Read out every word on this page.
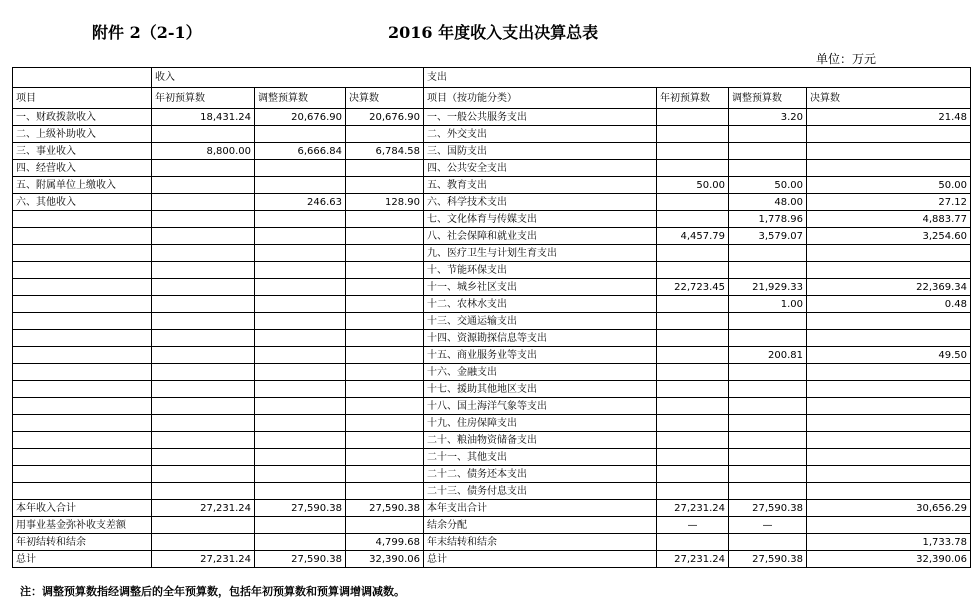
附件 2（2-1）	2016 年度收入支出决算总表
单位：万元
	收入			支出			
项目	年初预算数	调整预算数	决算数	项目（按功能分类）	年初预算数	调整预算数	决算数
一、财政拨款收入	18,431.24	20,676.90	20,676.90	一、一般公共服务支出		3.20	21.48
二、上级补助收入				二、外交支出			
三、事业收入	8,800.00	6,666.84	6,784.58	三、国防支出			
四、经营收入				四、公共安全支出			
五、附属单位上缴收入				五、教育支出	50.00	50.00	50.00
六、其他收入		246.63	128.90	六、科学技术支出		48.00	27.12
				七、文化体育与传媒支出		1,778.96	4,883.77
				八、社会保障和就业支出	4,457.79	3,579.07	3,254.60
				九、医疗卫生与计划生育支出			
				十、节能环保支出			
				十一、城乡社区支出	22,723.45	21,929.33	22,369.34
				十二、农林水支出		1.00	0.48
				十三、交通运输支出			
				十四、资源勘探信息等支出			
				十五、商业服务业等支出		200.81	49.50
				十六、金融支出			
				十七、援助其他地区支出			
				十八、国土海洋气象等支出			
				十九、住房保障支出			
				二十、粮油物资储备支出			
				二十一、其他支出			
				二十二、债务还本支出			
				二十三、债务付息支出			
本年收入合计	27,231.24	27,590.38	27,590.38	本年支出合计	27,231.24	27,590.38	30,656.29
用事业基金弥补收支差额				结余分配	—	—	
年初结转和结余			4,799.68	年末结转和结余			1,733.78
总计	27,231.24	27,590.38	32,390.06	总计	27,231.24	27,590.38	32,390.06
注：调整预算数指经调整后的全年预算数，包括年初预算数和预算调增调减数。
